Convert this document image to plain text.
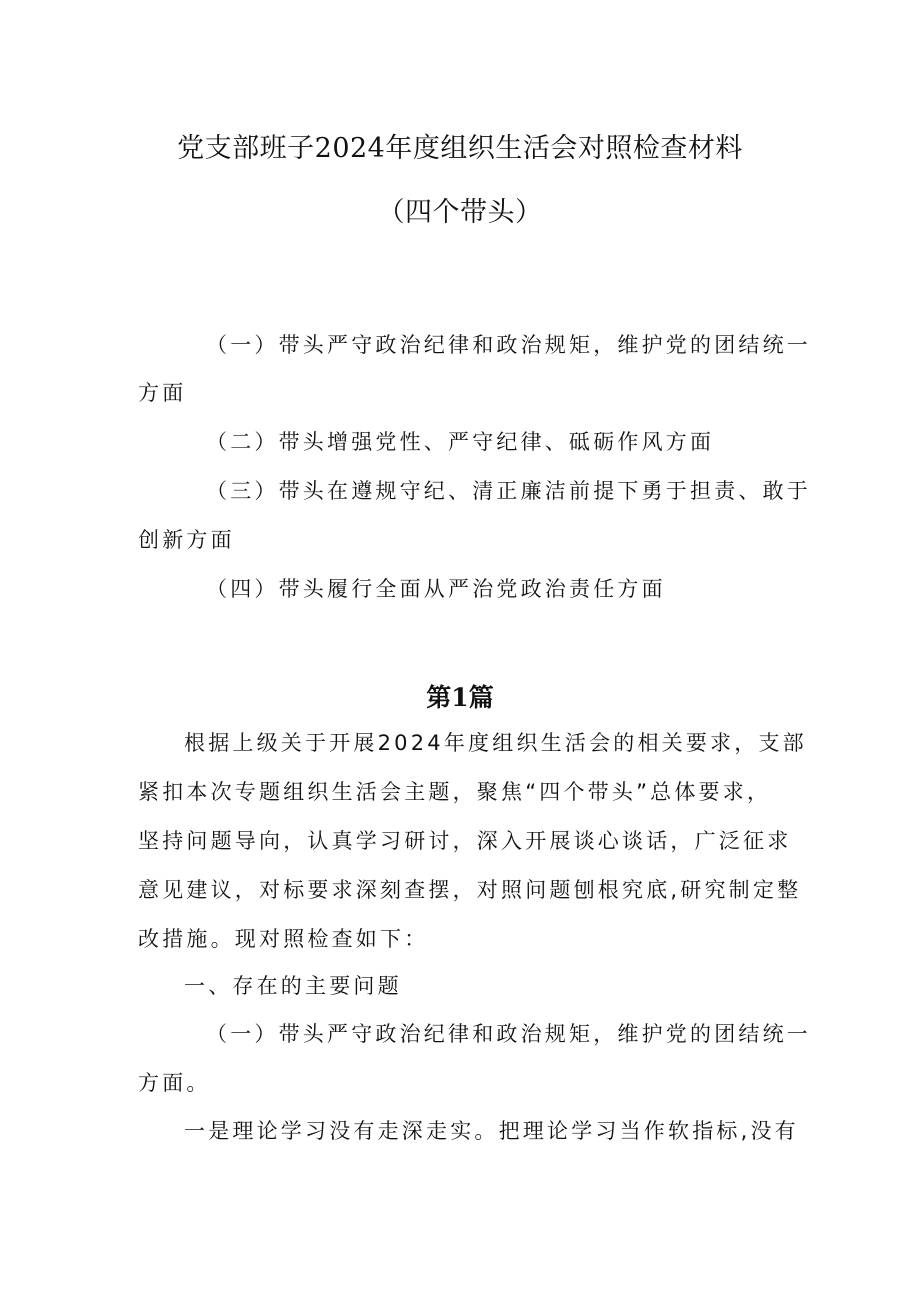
党支部班子2024年度组织生活会对照检查材料
（四个带头）
（一）带头严守政治纪律和政治规矩，维护党的团结统一
方面
（二）带头增强党性、严守纪律、砥砺作风方面
（三）带头在遵规守纪、清正廉洁前提下勇于担责、敢于
创新方面
（四）带头履行全面从严治党政治责任方面
第1篇
根据上级关于开展2024年度组织生活会的相关要求，支部
紧扣本次专题组织生活会主题，聚焦“四个带头”总体要求，
坚持问题导向，认真学习研讨，深入开展谈心谈话，广泛征求
意见建议，对标要求深刻查摆，对照问题刨根究底,研究制定整
改措施。现对照检查如下：
一、存在的主要问题
（一）带头严守政治纪律和政治规矩，维护党的团结统一
方面。
一是理论学习没有走深走实。把理论学习当作软指标,没有
